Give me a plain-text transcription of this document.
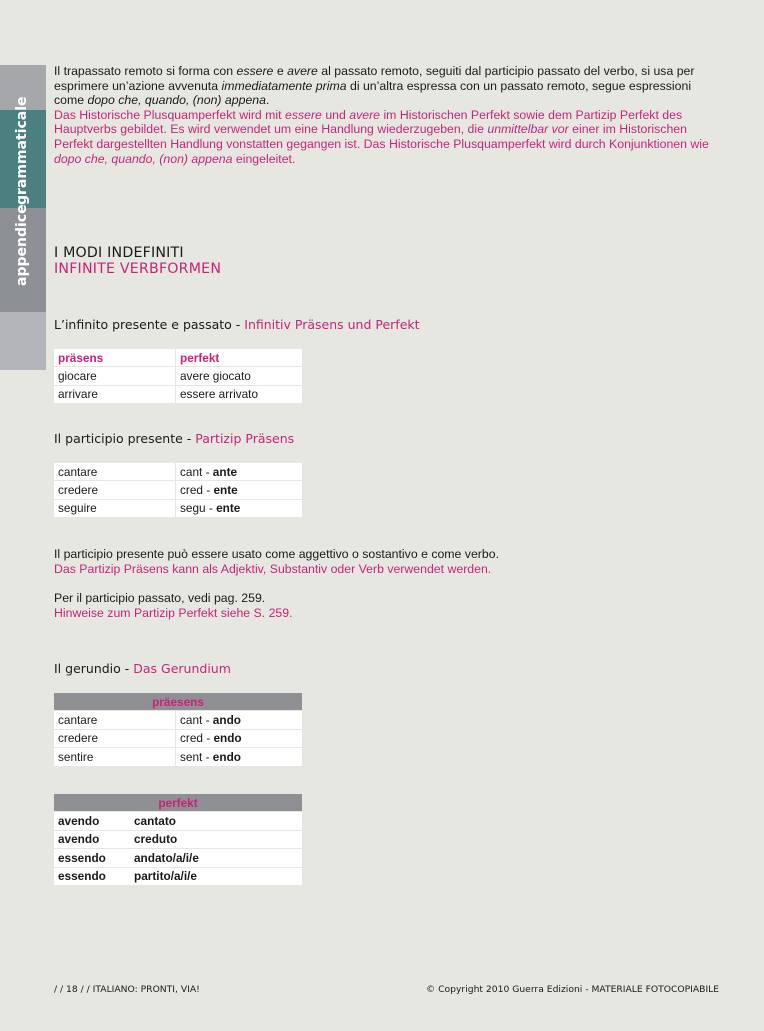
grammaticale
appendice

Il trapassato remoto si forma con essere e avere al passato remoto, seguiti dal participio passato del verbo, si usa per esprimere un’azione avvenuta immediatamente prima di un’altra espressa con un passato remoto, segue espressioni come dopo che, quando, (non) appena.

Das Historische Plusquamperfekt wird mit essere und avere im Historischen Perfekt sowie dem Partizip Perfekt des Hauptverbs gebildet. Es wird verwendet um eine Handlung wiederzugeben, die unmittelbar vor einer im Historischen Perfekt dargestellten Handlung vonstatten gegangen ist. Das Historische Plusquamperfekt wird durch Konjunktionen wie dopo che, quando, (non) appena eingeleitet.

I MODI INDEFINITI
INFINITE VERBFORMEN
L’infinito presente e passato - Infinitiv Präsens und Perfekt
präsens	perfekt
giocare	avere giocato
arrivare	essere arrivato
Il participio presente - Partizip Präsens
cantare	cant - ante
credere	cred - ente
seguire	segu - ente

Il participio presente può essere usato come aggettivo o sostantivo e come verbo.

Das Partizip Präsens kann als Adjektiv, Substantiv oder Verb verwendet werden.

Per il participio passato, vedi pag. 259.

Hinweise zum Partizip Perfekt siehe S. 259.

Il gerundio - Das Gerundium
präesens	
cantare	cant - ando
credere	cred - endo
sentire	sent - endo
perfekt	
avendo	cantato
avendo	creduto
essendo	andato/a/i/e
essendo	partito/a/i/e
/ / 18 / / ITALIANO: PRONTI, VIA!	© Copyright 2010 Guerra Edizioni - MATERIALE FOTOCOPIABILE
